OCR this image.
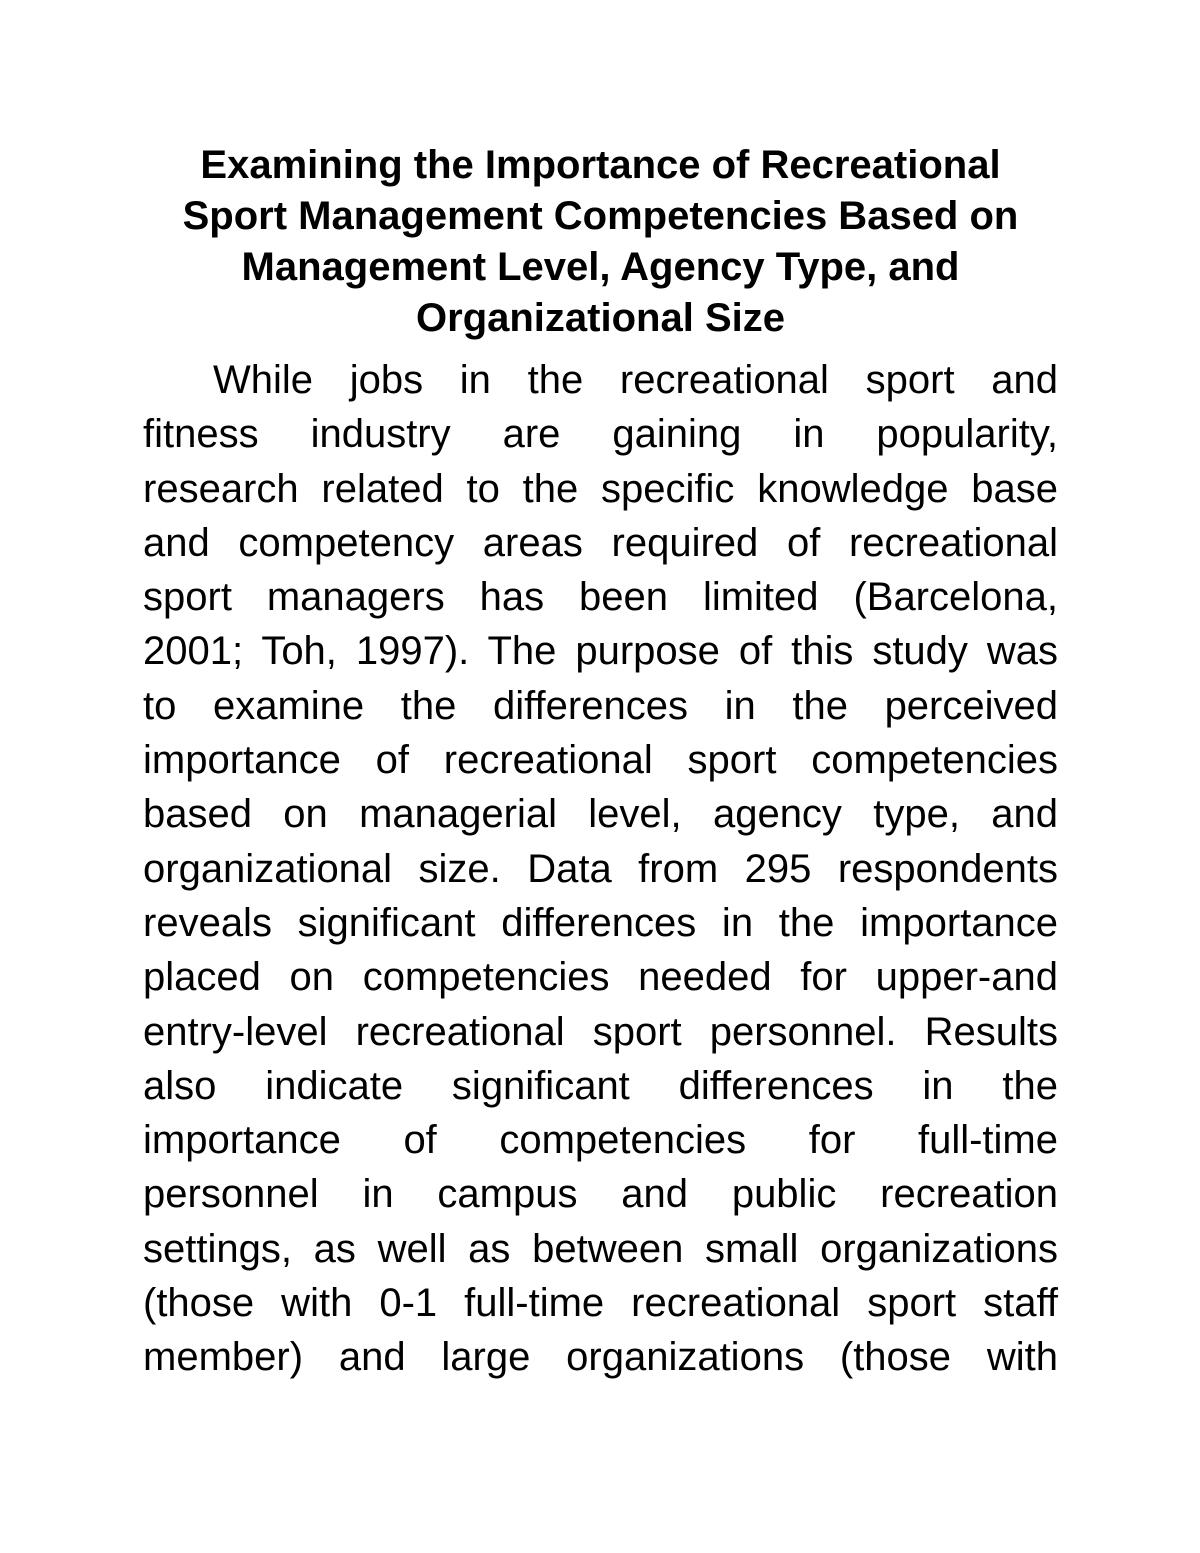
Examining the Importance of Recreational
Sport Management Competencies Based on
Management Level, Agency Type, and
Organizational Size
While jobs in the recreational sport and
fitness industry are gaining in popularity,
research related to the specific knowledge base
and competency areas required of recreational
sport managers has been limited (Barcelona,
2001; Toh, 1997). The purpose of this study was
to examine the differences in the perceived
importance of recreational sport competencies
based on managerial level, agency type, and
organizational size. Data from 295 respondents
reveals significant differences in the importance
placed on competencies needed for upper-and
entry-level recreational sport personnel. Results
also indicate significant differences in the
importance of competencies for full-time
personnel in campus and public recreation
settings, as well as between small organizations
(those with 0-1 full-time recreational sport staff
member) and large organizations (those with
